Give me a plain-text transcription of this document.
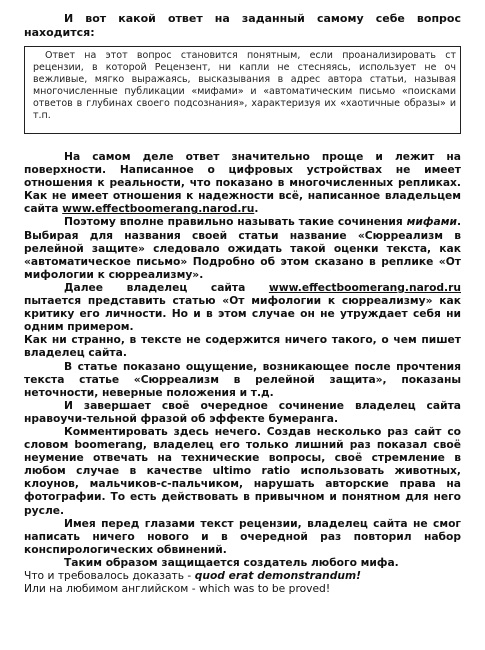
И вот какой ответ на заданный самому себе вопрос находится:

Ответ на этот вопрос становится понятным, если проанализировать ст рецензии, в которой Рецензент, ни капли не стесняясь, использует не оч вежливые, мягко выражаясь, высказывания в адрес автора статьи, называя многочисленные публикации «мифами» и «автоматическим письмо «поисками ответов в глубинах своего подсознания», характеризуя их «хаотичные образы» и т.п.

На самом деле ответ значительно проще и лежит на поверхности. Написанное о цифровых устройствах не имеет отношения к реальности, что показано в многочисленных репликах. Как не имеет отношения к надежности всё, написанное владельцем сайта www.effectboomerang.narod.ru.

Поэтому вполне правильно называть такие сочинения мифами. Выбирая для названия своей статьи название «Сюрреализм в релейной защите» следовало ожидать такой оценки текста, как «автоматическое письмо» Подробно об этом сказано в реплике «От мифологии к сюрреализму».

Далее владелец сайта www.effectboomerang.narod.ru пытается представить статью «От мифологии к сюрреализму» как критику его личности. Но и в этом случае он не утруждает себя ни одним примером.

Как ни странно, в тексте не содержится ничего такого, о чем пишет владелец сайта.

В статье показано ощущение, возникающее после прочтения текста статье «Сюрреализм в релейной защита», показаны неточности, неверные положения и т.д.

И завершает своё очередное сочинение владелец сайта нравоучи-тельной фразой об эффекте бумеранга.

Комментировать здесь нечего. Создав несколько раз сайт со словом boomerang, владелец его только лишний раз показал своё неумение отвечать на технические вопросы, своё стремление в любом случае в качестве ultimo ratio использовать животных, клоунов, мальчиков-с-пальчиком, нарушать авторские права на фотографии. То есть действовать в привычном и понятном для него русле.

Имея перед глазами текст рецензии, владелец сайта не смог написать ничего нового и в очередной раз повторил набор конспирологических обвинений.

Таким образом защищается создатель любого мифа.

Что и требовалось доказать - quod erat demonstrandum!

Или на любимом английском - which was to be proved!
